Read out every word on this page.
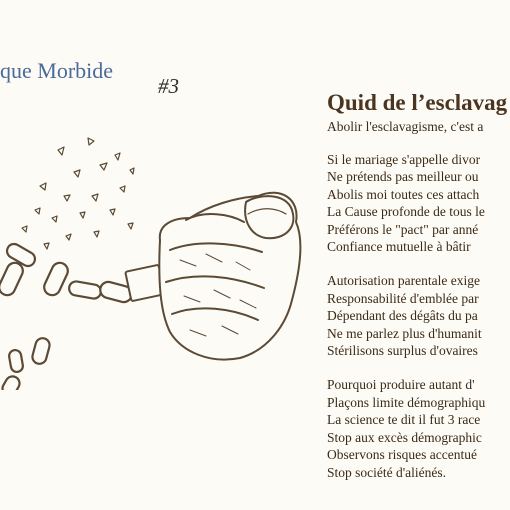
que Morbide
#3
Quid de l’esclavag

Abolir l'esclavagisme, c'est a

Si le mariage s'appelle divor
Ne prétends pas meilleur ou
Abolis moi toutes ces attach
La Cause profonde de tous le
Préférons le "pact" par anné
Confiance mutuelle à bâtir
Autorisation parentale exige
Responsabilité d'emblée par
Dépendant des dégâts du pa
Ne me parlez plus d'humanit
Stérilisons surplus d'ovaires
Pourquoi produire autant d'
Plaçons limite démographiqu
La science te dit il fut 3 race
Stop aux excès démographic
Observons risques accentué
Stop société d'aliénés.
